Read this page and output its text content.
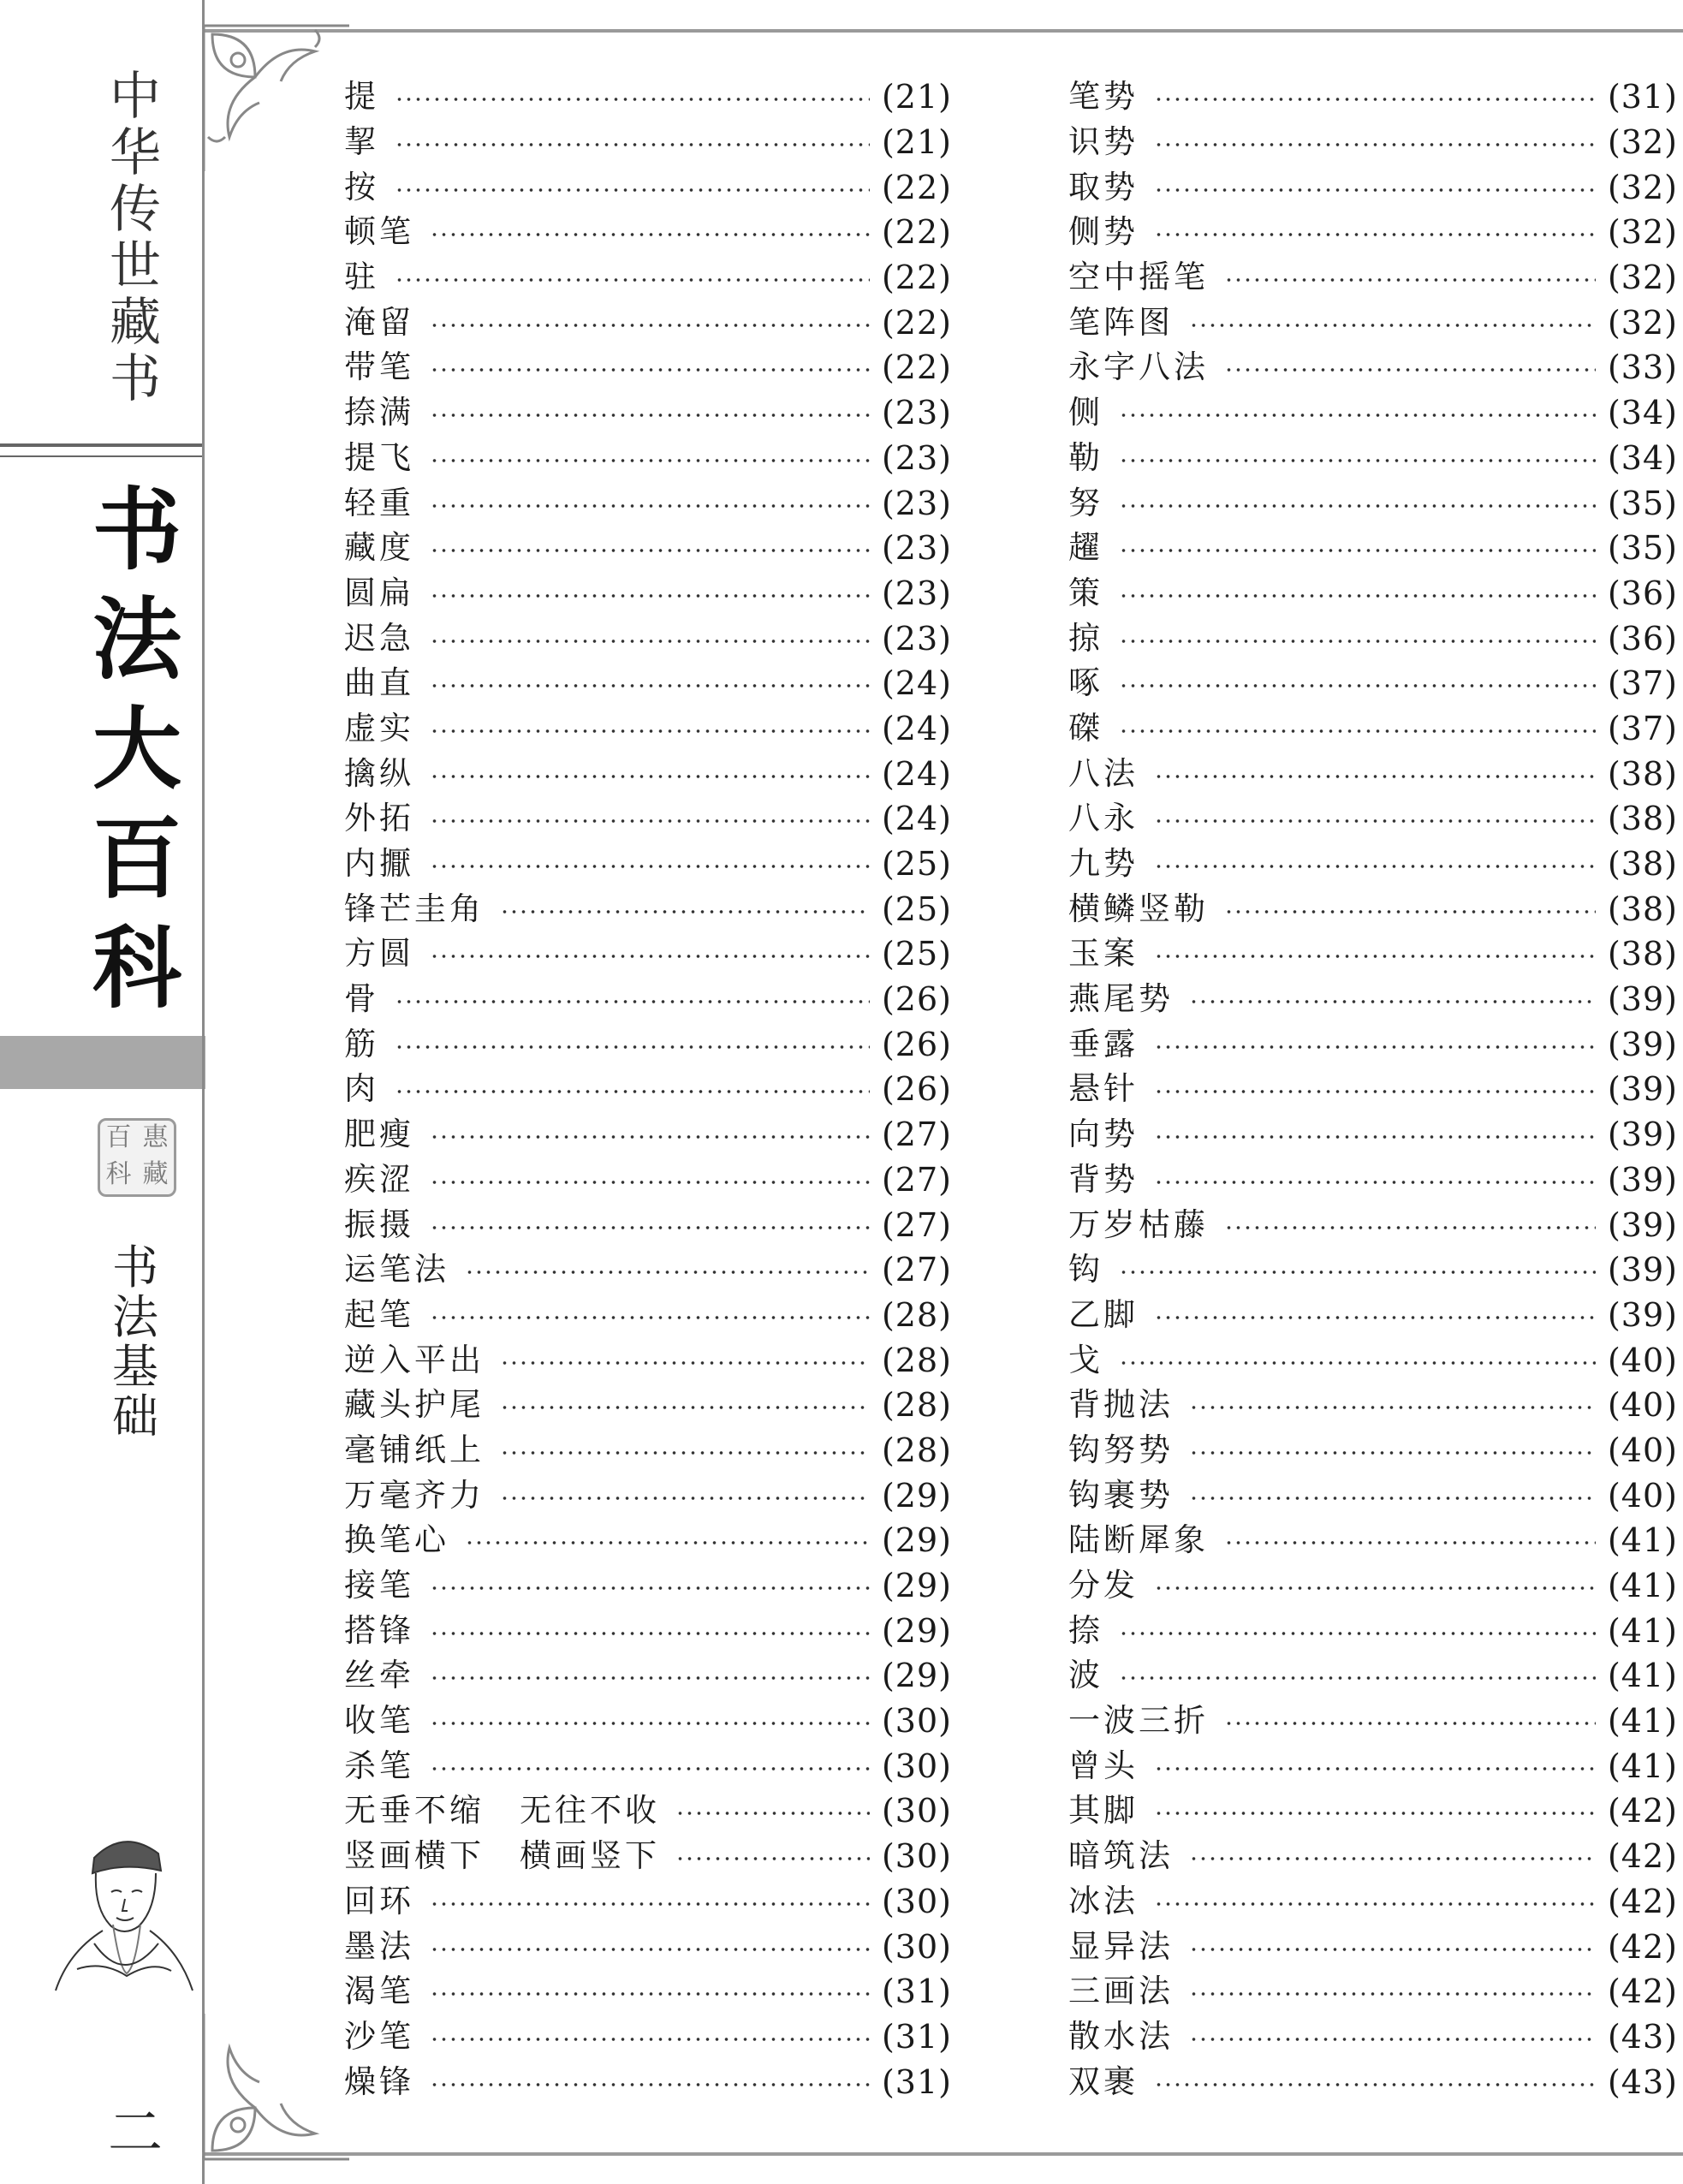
中华传世藏书
书法大百科
百 惠
科 藏
书法基础
二
提	(21)
挈	(21)
按	(22)
顿笔	(22)
驻	(22)
淹留	(22)
带笔	(22)
捺满	(23)
提飞	(23)
轻重	(23)
藏度	(23)
圆扁	(23)
迟急	(23)
曲直	(24)
虚实	(24)
擒纵	(24)
外拓	(24)
内擫	(25)
锋芒圭角	(25)
方圆	(25)
骨	(26)
筋	(26)
肉	(26)
肥瘦	(27)
疾涩	(27)
振摄	(27)
运笔法	(27)
起笔	(28)
逆入平出	(28)
藏头护尾	(28)
毫铺纸上	(28)
万毫齐力	(29)
换笔心	(29)
接笔	(29)
搭锋	(29)
丝牵	(29)
收笔	(30)
杀笔	(30)
无垂不缩　无往不收	(30)
竖画横下　横画竖下	(30)
回环	(30)
墨法	(30)
渴笔	(31)
沙笔	(31)
燥锋	(31)
笔势	(31)
识势	(32)
取势	(32)
侧势	(32)
空中摇笔	(32)
笔阵图	(32)
永字八法	(33)
侧	(34)
勒	(34)
努	(35)
趯	(35)
策	(36)
掠	(36)
啄	(37)
磔	(37)
八法	(38)
八永	(38)
九势	(38)
横鳞竖勒	(38)
玉案	(38)
燕尾势	(39)
垂露	(39)
悬针	(39)
向势	(39)
背势	(39)
万岁枯藤	(39)
钩	(39)
乙脚	(39)
戈	(40)
背抛法	(40)
钩努势	(40)
钩裹势	(40)
陆断犀象	(41)
分发	(41)
捺	(41)
波	(41)
一波三折	(41)
曾头	(41)
其脚	(42)
暗筑法	(42)
冰法	(42)
显异法	(42)
三画法	(42)
散水法	(43)
双裹	(43)
